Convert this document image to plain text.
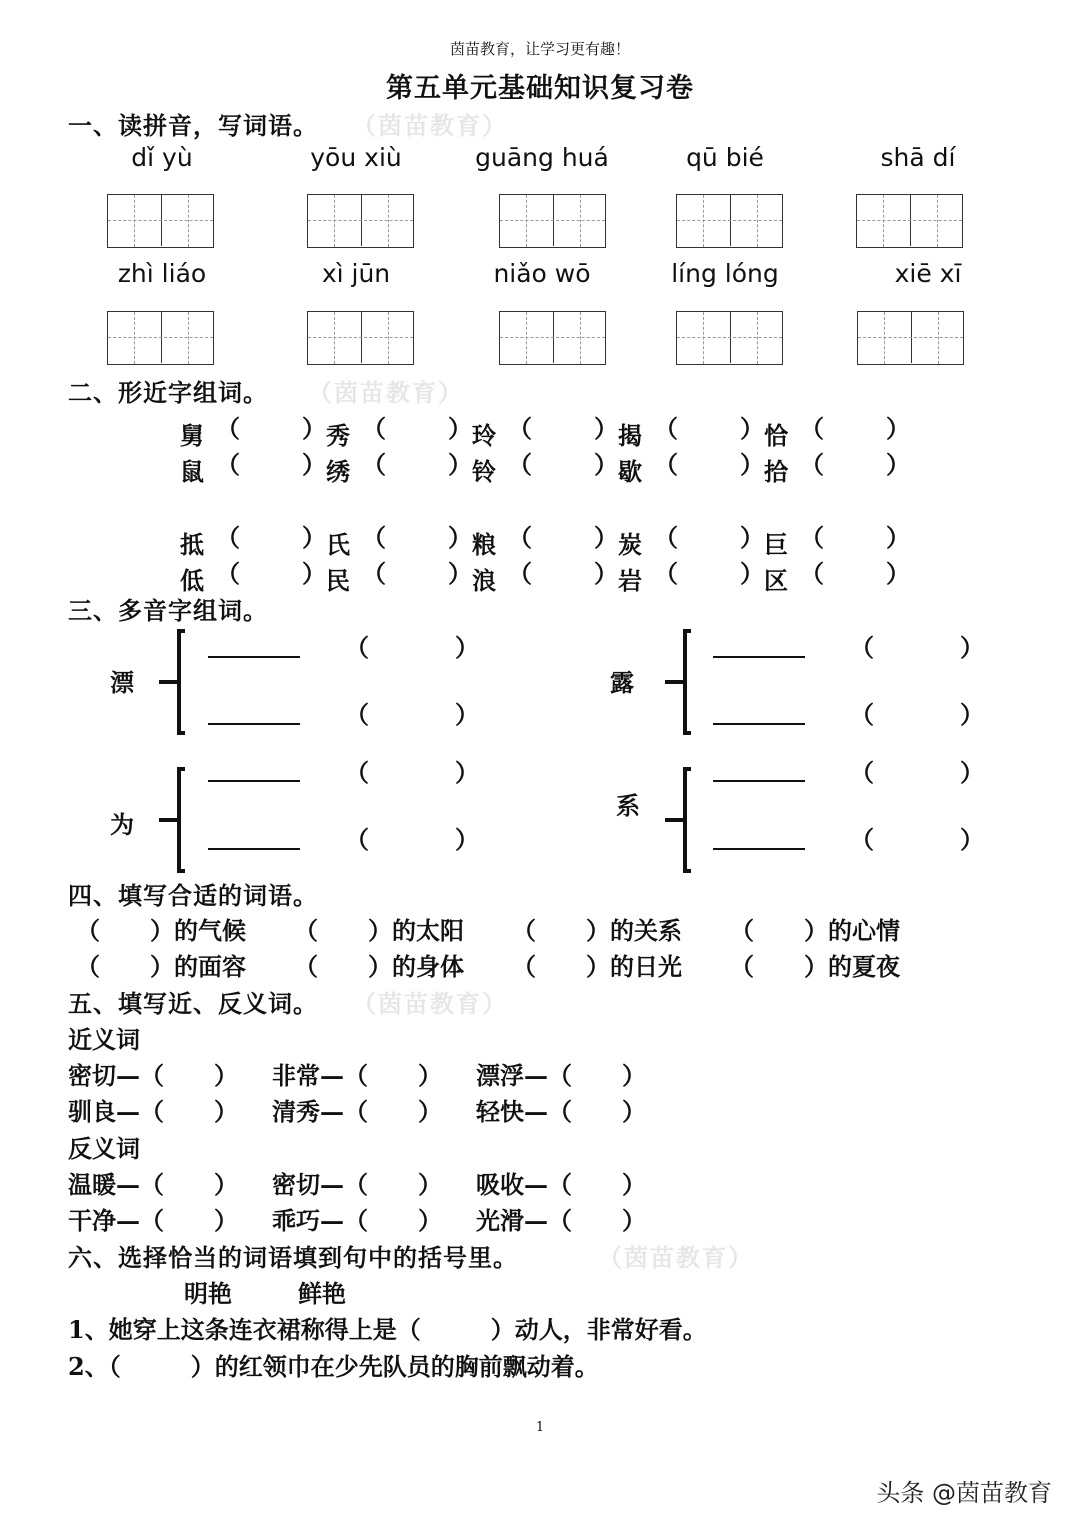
茵苗教育，让学习更有趣！
第五单元基础知识复习卷
一、读拼音，写词语。 （茵苗教育）
dǐ yù	yōu xiù	guāng huá	qū bié	shā dí
zhì liáo	xì jūn	niǎo wō	líng lóng	xiē xī
二、形近字组词。 （茵苗教育）
舅 （	） 秀 （	） 玲 （	） 揭 （	） 恰 （	）
鼠 （	） 绣 （	） 铃 （	） 歇 （	） 拾 （	）
抵 （	） 氏 （	） 粮 （	） 炭 （	） 巨 （	）
低 （	） 民 （	） 浪 （	） 岩 （	） 区 （	）
三、多音字组词。
漂
（	）
（	）
露
（	）
（	）
为
（	）
（	）
系
（	）
（	）
四、填写合适的词语。
（ ）的气候 （ ）的太阳 （ ）的关系 （ ）的心情
（ ）的面容 （ ）的身体 （ ）的日光 （ ）的夏夜
五、填写近、反义词。 （茵苗教育）
近义词
密切—（ ） 非常—（ ） 漂浮—（ ）
驯良—（ ） 清秀—（ ） 轻快—（ ）
反义词
温暖—（ ） 密切—（ ） 吸收—（ ）
干净—（ ） 乖巧—（ ） 光滑—（ ）
六、选择恰当的词语填到句中的括号里。	（茵苗教育）
明艳	鲜艳
1、她穿上这条连衣裙称得上是（	）动人，非常好看。
2、（	）的红领巾在少先队员的胸前飘动着。
1
头条 @茵苗教育
